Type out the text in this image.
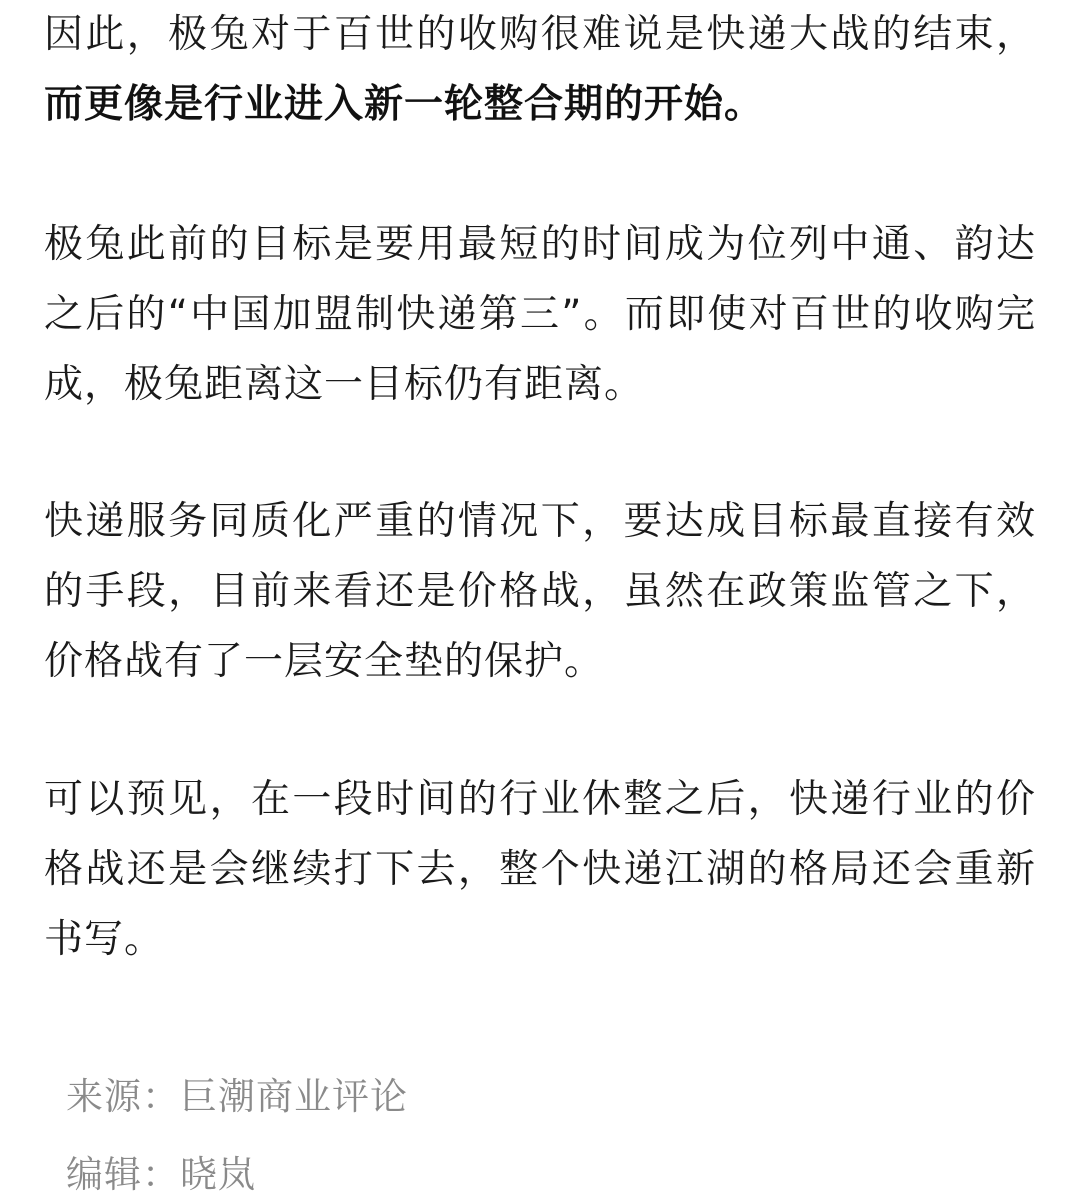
因此，极兔对于百世的收购很难说是快递大战的结束，而更像是行业进入新一轮整合期的开始。

极兔此前的目标是要用最短的时间成为位列中通、韵达之后的“中国加盟制快递第三”。而即使对百世的收购完成，极兔距离这一目标仍有距离。

快递服务同质化严重的情况下，要达成目标最直接有效的手段，目前来看还是价格战，虽然在政策监管之下，价格战有了一层安全垫的保护。

可以预见，在一段时间的行业休整之后，快递行业的价格战还是会继续打下去，整个快递江湖的格局还会重新书写。

来源：巨潮商业评论
编辑：晓岚
